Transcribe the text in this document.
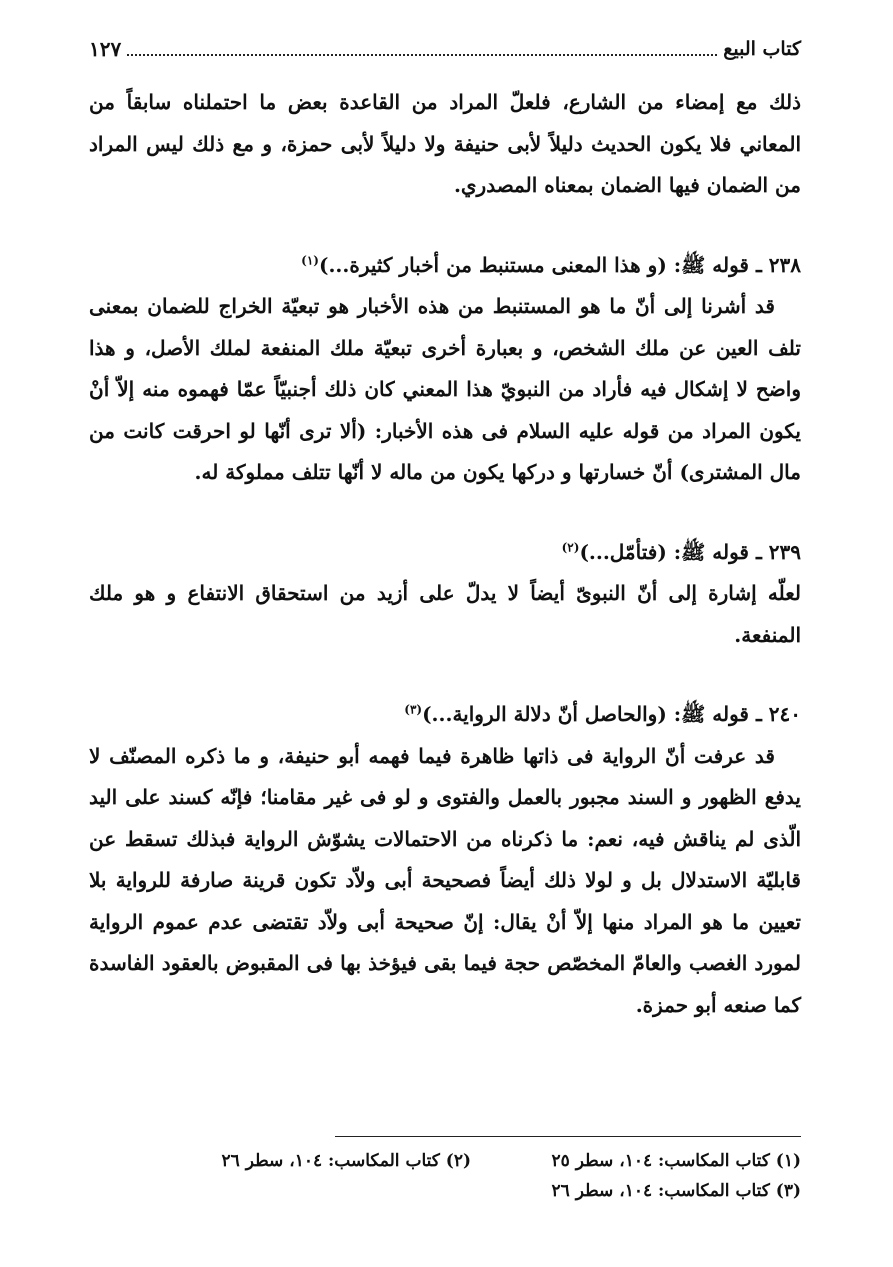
كتاب البيع
١٢٧

ذلك مع إمضاء من الشارع، فلعلّ المراد من القاعدة بعض ما احتملناه سابقاً من المعاني فلا يكون الحديث دليلاً لأبى حنيفة ولا دليلاً لأبى حمزة، و مع ذلك ليس المراد من الضمان فيها الضمان بمعناه المصدري.

٢٣٨ ـ قوله ﷺ: (و هذا المعنى مستنبط من أخبار كثيرة...)$^{(١)}$

قد أشرنا إلى أنّ ما هو المستنبط من هذه الأخبار هو تبعيّة الخراج للضمان بمعنى تلف العين عن ملك الشخص، و بعبارة أخرى تبعيّة ملك المنفعة لملك الأصل، و هذا واضح لا إشكال فيه فأراد من النبويّ هذا المعني كان ذلك أجنبيّاً عمّا فهموه منه إلاّ أنْ يكون المراد من قوله عليه السلام فى هذه الأخبار: (ألا ترى أنّها لو احرقت كانت من مال المشترى) أنّ خسارتها و دركها يكون من ماله لا أنّها تتلف مملوكة له.

٢٣٩ ـ قوله ﷺ: (فتأمّل...)$^{(٢)}$

لعلّه إشارة إلى أنّ النبوىّ أيضاً لا يدلّ على أزيد من استحقاق الانتفاع و هو ملك المنفعة.

٢٤٠ ـ قوله ﷺ: (والحاصل أنّ دلالة الرواية...)$^{(٣)}$

قد عرفت أنّ الرواية فى ذاتها ظاهرة فيما فهمه أبو حنيفة، و ما ذكره المصنّف لا يدفع الظهور و السند مجبور بالعمل والفتوى و لو فى غير مقامنا؛ فإنّه كسند على اليد الّذى لم يناقش فيه، نعم: ما ذكرناه من الاحتمالات يشوّش الرواية فبذلك تسقط عن قابليّة الاستدلال بل و لولا ذلك أيضاً فصحيحة أبى ولاّد تكون قرينة صارفة للرواية بلا تعيين ما هو المراد منها إلاّ أنْ يقال: إنّ صحيحة أبى ولاّد تقتضى عدم عموم الرواية لمورد الغصب والعامّ المخصّص حجة فيما بقى فيؤخذ بها فى المقبوض بالعقود الفاسدة كما صنعه أبو حمزة.

(١) كتاب المكاسب: ١٠٤، سطر ٢٥
(٢) كتاب المكاسب: ١٠٤، سطر ٢٦
(٣) كتاب المكاسب: ١٠٤، سطر ٢٦
